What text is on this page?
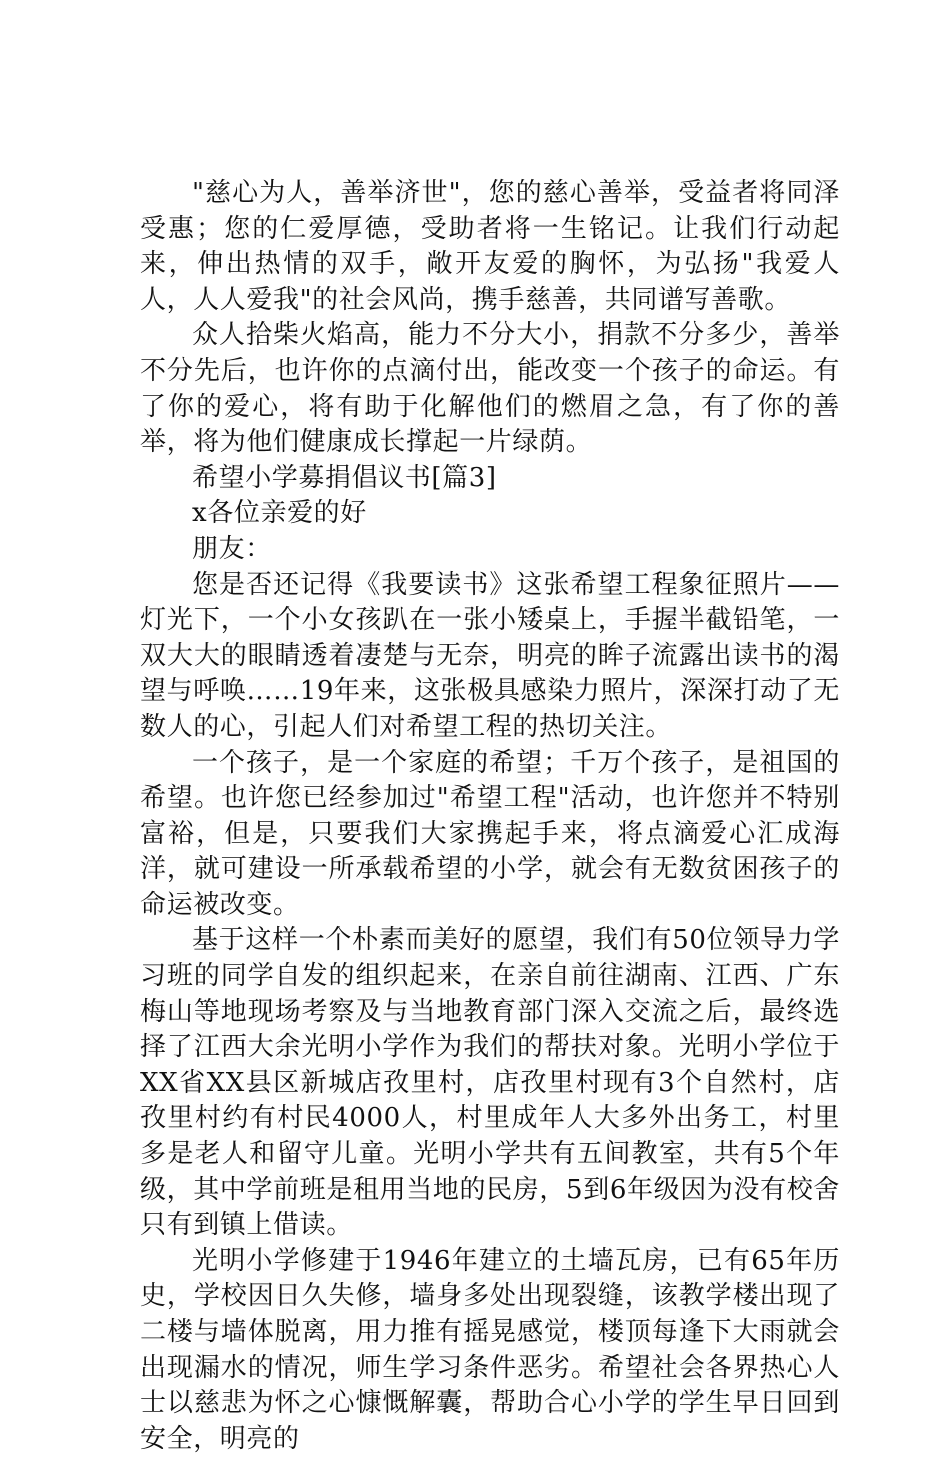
"慈心为人，善举济世"，您的慈心善举，受益者将同泽受惠；您的仁爱厚德，受助者将一生铭记。让我们行动起来，伸出热情的双手，敞开友爱的胸怀，为弘扬"我爱人人，人人爱我"的社会风尚，携手慈善，共同谱写善歌。

众人拾柴火焰高，能力不分大小，捐款不分多少，善举不分先后，也许你的点滴付出，能改变一个孩子的命运。有了你的爱心，将有助于化解他们的燃眉之急，有了你的善举，将为他们健康成长撑起一片绿荫。

希望小学募捐倡议书[篇3]

x各位亲爱的好

朋友：

您是否还记得《我要读书》这张希望工程象征照片——灯光下，一个小女孩趴在一张小矮桌上，手握半截铅笔，一双大大的眼睛透着凄楚与无奈，明亮的眸子流露出读书的渴望与呼唤……19年来，这张极具感染力照片，深深打动了无数人的心，引起人们对希望工程的热切关注。

一个孩子，是一个家庭的希望；千万个孩子，是祖国的希望。也许您已经参加过"希望工程"活动，也许您并不特别富裕，但是，只要我们大家携起手来，将点滴爱心汇成海洋，就可建设一所承载希望的小学，就会有无数贫困孩子的命运被改变。

基于这样一个朴素而美好的愿望，我们有50位领导力学习班的同学自发的组织起来，在亲自前往湖南、江西、广东梅山等地现场考察及与当地教育部门深入交流之后，最终选择了江西大余光明小学作为我们的帮扶对象。光明小学位于XX省XX县区新城店孜里村，店孜里村现有3个自然村，店孜里村约有村民4000人，村里成年人大多外出务工，村里多是老人和留守儿童。光明小学共有五间教室，共有5个年级，其中学前班是租用当地的民房，5到6年级因为没有校舍只有到镇上借读。

光明小学修建于1946年建立的土墙瓦房，已有65年历史，学校因日久失修，墙身多处出现裂缝，该教学楼出现了二楼与墙体脱离，用力推有摇晃感觉，楼顶每逢下大雨就会出现漏水的情况，师生学习条件恶劣。希望社会各界热心人士以慈悲为怀之心慷慨解囊，帮助合心小学的学生早日回到安全，明亮的
